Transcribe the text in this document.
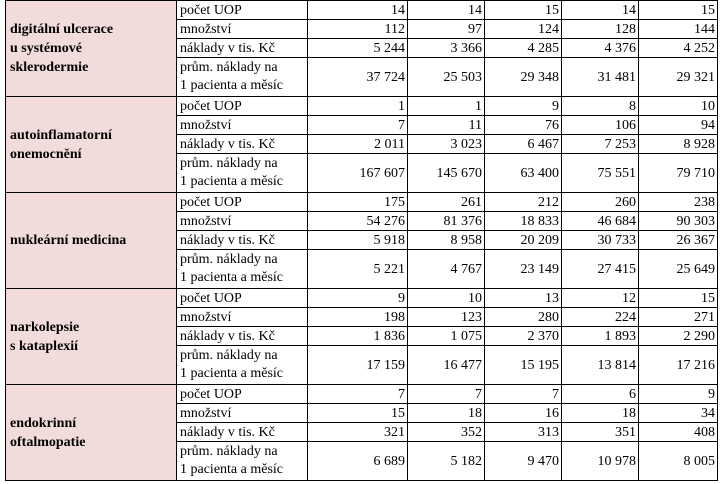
digitální ulcerace
u systémové
sklerodermie	počet UOP	14	14	15	14	15
	množství	112	97	124	128	144
	náklady v tis. Kč	5 244	3 366	4 285	4 376	4 252

	prům. náklady na
1 pacienta a měsíc	37 724	25 503	29 348	31 481	29 321

autoinflamatorní
onemocnění	počet UOP	1	1	9	8	10
	množství	7	11	76	106	94
	náklady v tis. Kč	2 011	3 023	6 467	7 253	8 928

	prům. náklady na
1 pacienta a měsíc	167 607	145 670	63 400	75 551	79 710

nukleární medicina	počet UOP	175	261	212	260	238
	množství	54 276	81 376	18 833	46 684	90 303
	náklady v tis. Kč	5 918	8 958	20 209	30 733	26 367

	prům. náklady na
1 pacienta a měsíc	5 221	4 767	23 149	27 415	25 649

narkolepsie
s kataplexií	počet UOP	9	10	13	12	15
	množství	198	123	280	224	271
	náklady v tis. Kč	1 836	1 075	2 370	1 893	2 290

	prům. náklady na
1 pacienta a měsíc	17 159	16 477	15 195	13 814	17 216

endokrinní
oftalmopatie	počet UOP	7	7	7	6	9
	množství	15	18	16	18	34
	náklady v tis. Kč	321	352	313	351	408

	prům. náklady na
1 pacienta a měsíc	6 689	5 182	9 470	10 978	8 005
